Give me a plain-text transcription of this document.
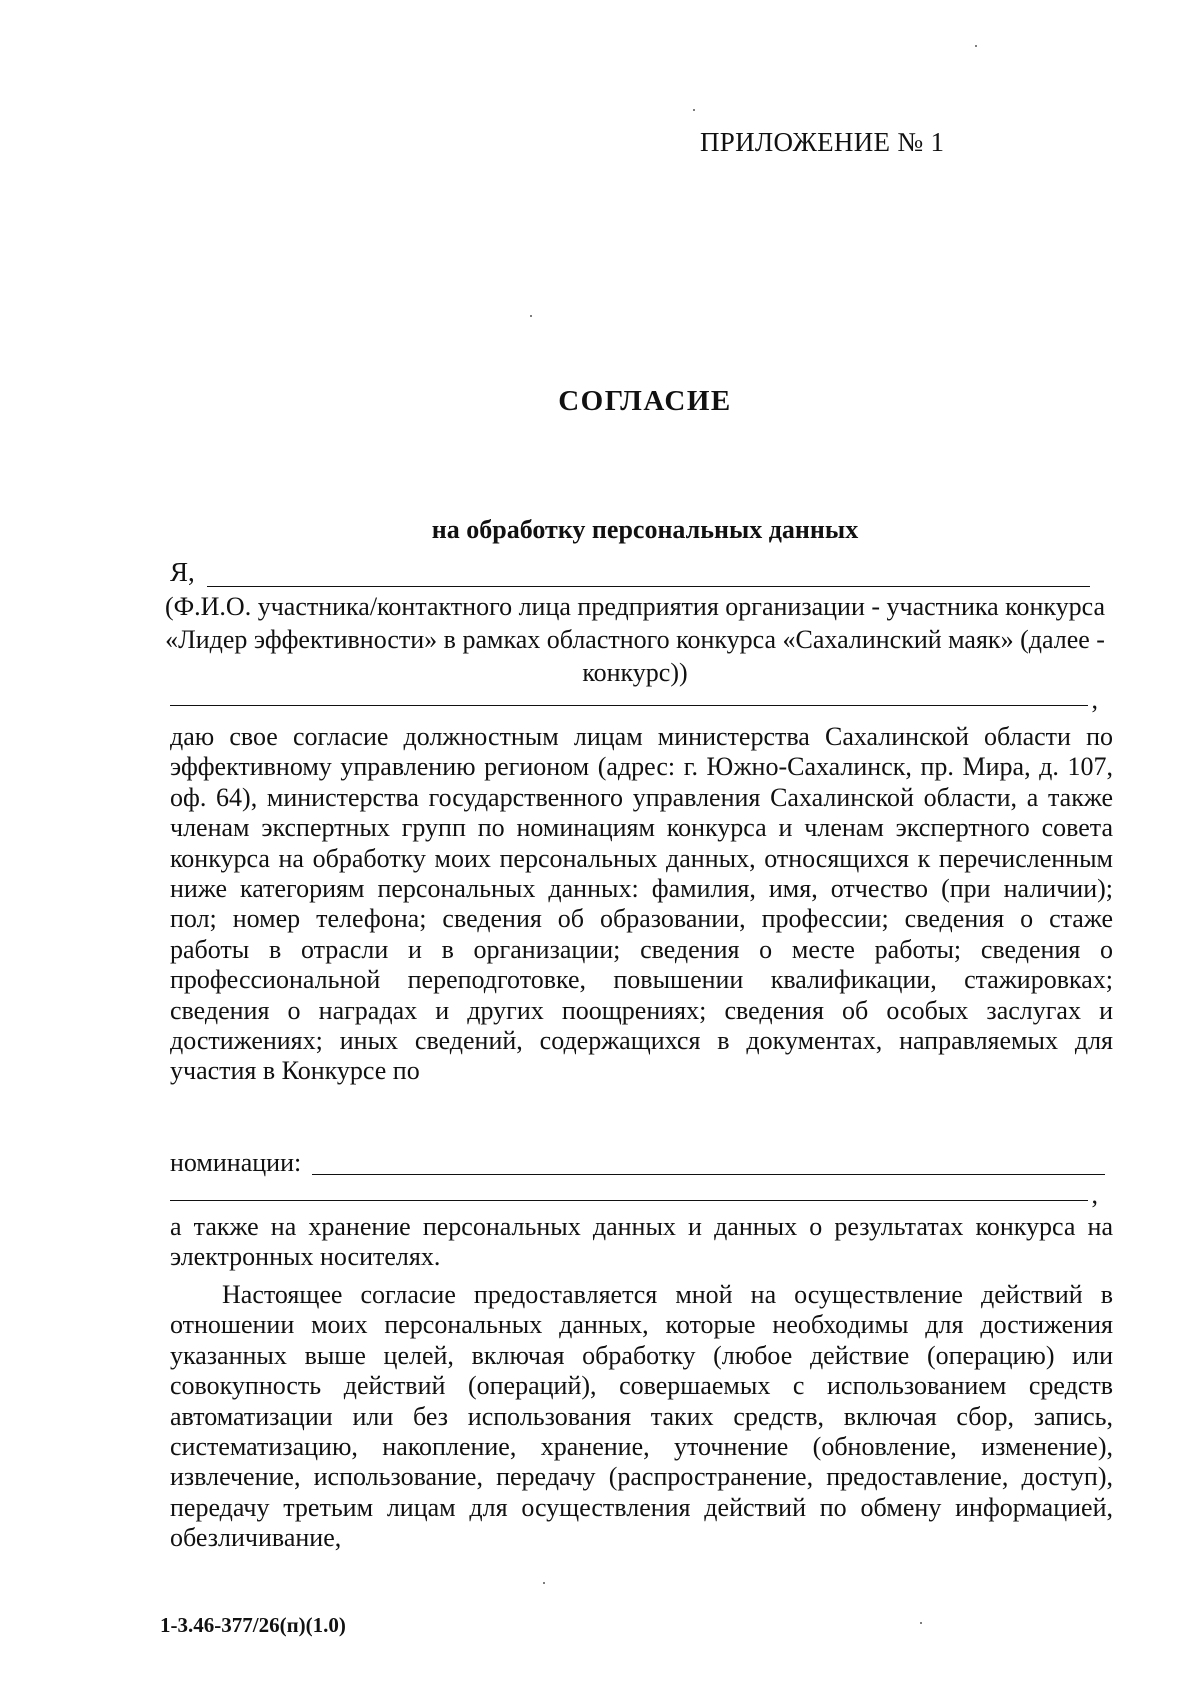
ПРИЛОЖЕНИЕ № 1
СОГЛАСИЕ
на обработку персональных данных
Я,
(Ф.И.О. участника/контактного лица предприятия организации - участника конкурса «Лидер эффективности» в рамках областного конкурса «Сахалинский маяк» (далее - конкурс))
,
даю свое согласие должностным лицам министерства Сахалинской области по эффективному управлению регионом (адрес: г. Южно-Сахалинск, пр. Мира, д. 107, оф. 64), министерства государственного управления Сахалинской области, а также членам экспертных групп по номинациям конкурса и членам экспертного совета конкурса на обработку моих персональных данных, относящихся к перечисленным ниже категориям персональных данных: фамилия, имя, отчество (при наличии); пол; номер телефона; сведения об образовании, профессии; сведения о стаже работы в отрасли и в организации; сведения о месте работы; сведения о профессиональной переподготовке, повышении квалификации, стажировках; сведения о наградах и других поощрениях; сведения об особых заслугах и достижениях; иных сведений, содержащихся в документах, направляемых для участия в Конкурсе по
номинации:
,
а также на хранение персональных данных и данных о результатах конкурса на электронных носителях.
Настоящее согласие предоставляется мной на осуществление действий в отношении моих персональных данных, которые необходимы для достижения указанных выше целей, включая обработку (любое действие (операцию) или совокупность действий (операций), совершаемых с использованием средств автоматизации или без использования таких средств, включая сбор, запись, систематизацию, накопление, хранение, уточнение (обновление, изменение), извлечение, использование, передачу (распространение, предоставление, доступ), передачу третьим лицам для осуществления действий по обмену информацией, обезличивание,
1-3.46-377/26(п)(1.0)
